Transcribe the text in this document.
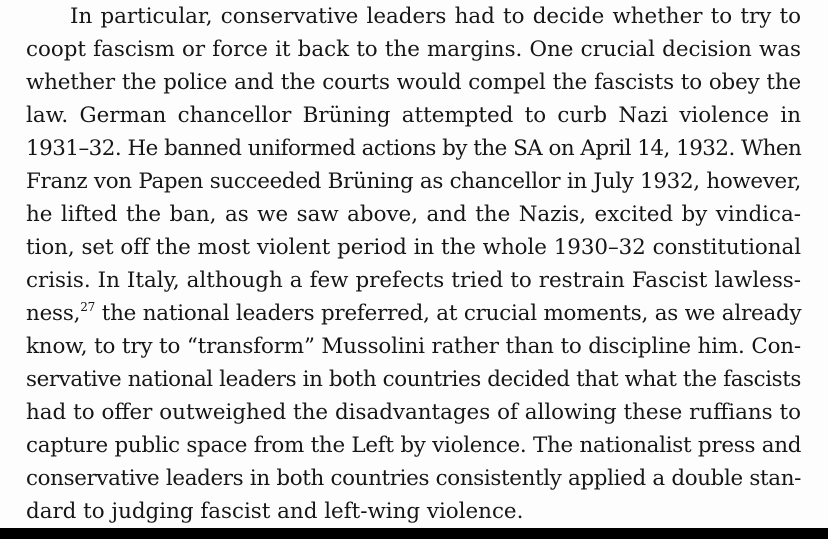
In particular, conservative leaders had to decide whether to try to
coopt fascism or force it back to the margins. One crucial decision was
whether the police and the courts would compel the fascists to obey the
law. German chancellor Brüning attempted to curb Nazi violence in
1931–32. He banned uniformed actions by the SA on April 14, 1932. When
Franz von Papen succeeded Brüning as chancellor in July 1932, however,
he lifted the ban, as we saw above, and the Nazis, excited by vindica-
tion, set off the most violent period in the whole 1930–32 constitutional
crisis. In Italy, although a few prefects tried to restrain Fascist lawless-
ness,$^{27}$ the national leaders preferred, at crucial moments, as we already
know, to try to “transform” Mussolini rather than to discipline him. Con-
servative national leaders in both countries decided that what the fascists
had to offer outweighed the disadvantages of allowing these ruffians to
capture public space from the Left by violence. The nationalist press and
conservative leaders in both countries consistently applied a double stan-
dard to judging fascist and left-wing violence.
